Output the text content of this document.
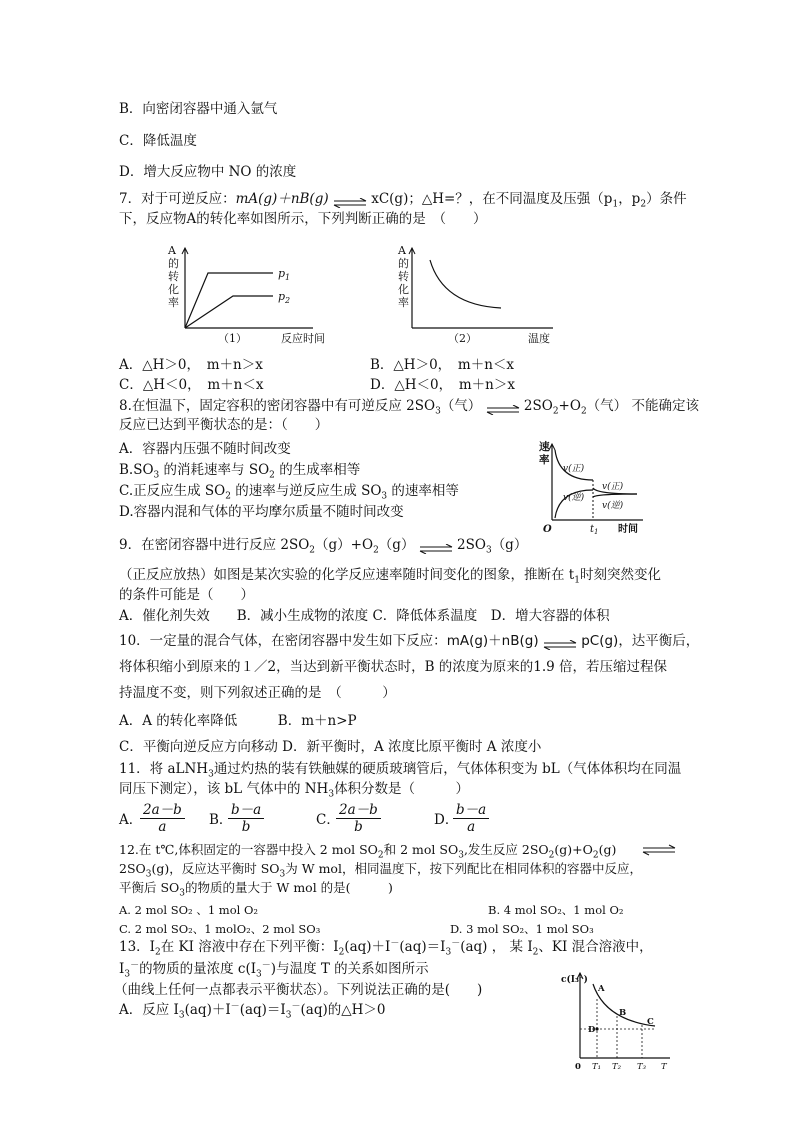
B．向密闭容器中通入氩气
C．降低温度
D．增大反应物中 NO 的浓度
7．对于可逆反应：mA(g)＋nB(g) ⇌ xC(g)；△H=？，在不同温度及压强（$p_1$，$p_2$）条件
下，反应物A的转化率如图所示，下列判断正确的是　（　　）
A
的
转
化
率
$p_1$
$p_2$
（1）	反应时间
A
的
转
化
率
（2）	温度
A．△H＞0，　m＋n＞x	B．△H＞0，　m＋n＜x
C．△H＜0，　m＋n＜x	D．△H＜0，　m＋n＞x
8.在恒温下，固定容积的密闭容器中有可逆反应 $2SO_3$（气） ⇌ $2SO_2+O_2$（气） 不能确定该
反应已达到平衡状态的是：（　　）
A．容器内压强不随时间改变
$B.SO_3$ 的消耗速率与 $SO_2$ 的生成率相等
C.正反应生成 $SO_2$ 的速率与逆反应生成 $SO_3$ 的速率相等
D.容器内混和气体的平均摩尔质量不随时间改变
速
率
v(正)
v(逆)
v(正)
v(逆)
O	$t_1$ 时间
9．在密闭容器中进行反应 $2SO_2(g)+O_2(g)$ ⇌ $2SO_3(g)$
（正反应放热）如图是某次实验的化学反应速率随时间变化的图象，推断在 $t_1$时刻突然变化
的条件可能是（　　）
A．催化剂失效　　B．减小生成物的浓度 C．降低体系温度　D．增大容器的体积
10．一定量的混合气体，在密闭容器中发生如下反应：mA(g)＋nB(g) ⇌ pC(g)，达平衡后，
将体积缩小到原来的１／2，当达到新平衡状态时，B 的浓度为原来的1.9 倍，若压缩过程保
持温度不变，则下列叙述正确的是　（　　　）
A．A 的转化率降低　　　B．m＋n>P
C．平衡向逆反应方向移动 D．新平衡时，A 浓度比原平衡时 A 浓度小
11．将 aLNH$_3$通过灼热的装有铁触媒的硬质玻璃管后，气体体积变为 bL（气体体积均在同温
同压下测定），该 bL 气体中的 $NH_3$体积分数是（　　　）
A．
2a－b
a	B．
b－a
b	C．
2a－b
b	D．
b－a
a
12.在 t℃,体积固定的一容器中投入 2 mol $SO_2$和 2 mol $SO_3$,发生反应 $2SO_2(g)+O_2(g)$
$2SO_3(g)$，反应达平衡时 $SO_3$为 W mol，相同温度下，按下列配比在相同体积的容器中反应，
平衡后 $SO_3$的物质的量大于 W mol 的是(　　　)
A. 2 mol SO₂ 、1 mol O₂	B. 4 mol SO₂、1 mol O₂
C. 2 mol SO₂、1 molO₂、2 mol SO₃	D. 3 mol SO₂、1 mol SO₃
13．$I_2$在 KI 溶液中存在下列平衡：$I_2(aq)+I^-(aq)=I_3^-(aq)$ ， 某 $I_2$、KI 混合溶液中，
$I_3^-$的物质的量浓度 $c(I_3^-)$与温度 T 的关系如图所示
（曲线上任何一点都表示平衡状态）。下列说法正确的是(　　)
A．反应 $I_3(aq)+I^-(aq)=I_3^-(aq)$的△H＞0
c(I₃⁻)
A
B
C
D
0 T₁ T₂ T₃ T
